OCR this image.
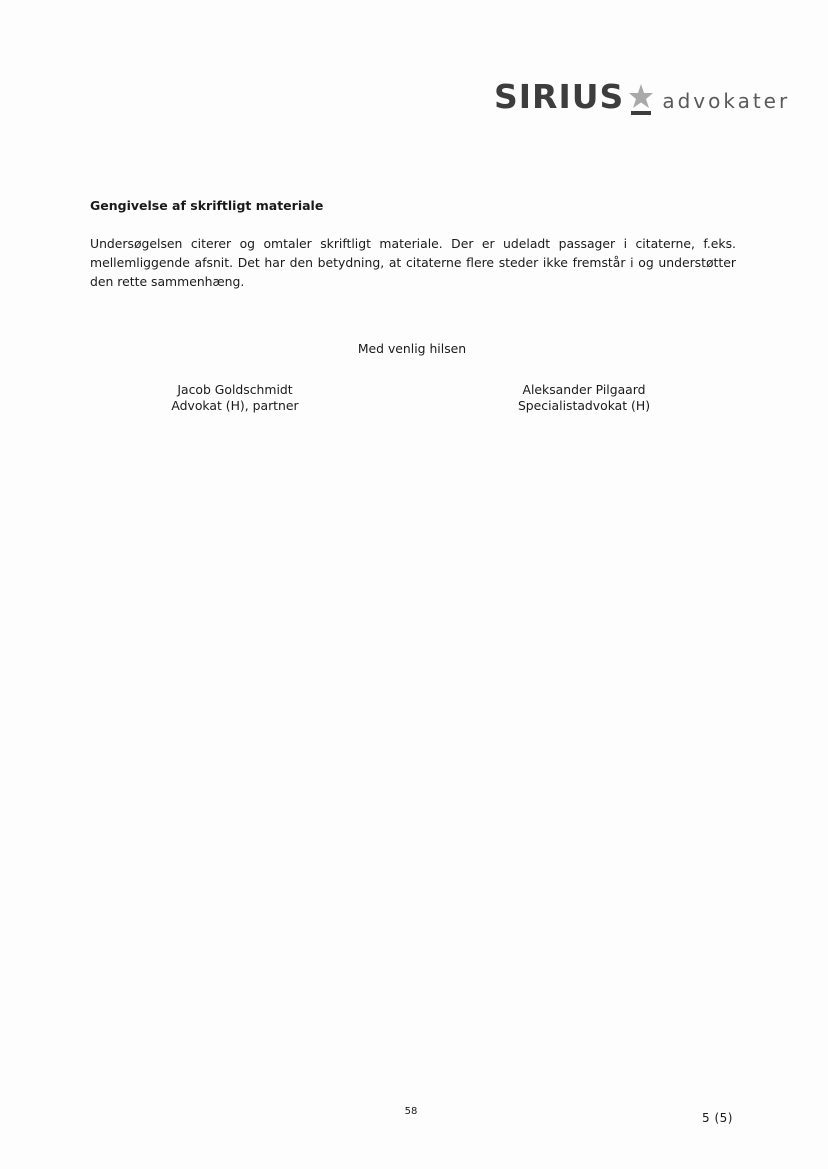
SIRIUS advokater
Gengivelse af skriftligt materiale
Undersøgelsen citerer og omtaler skriftligt materiale. Der er udeladt passager i citaterne, f.eks. mellemliggende afsnit. Det har den betydning, at citaterne flere steder ikke fremstår i og understøtter den rette sammenhæng.
Med venlig hilsen
Jacob Goldschmidt
Advokat (H), partner
Aleksander Pilgaard
Specialistadvokat (H)
58	5 (5)
